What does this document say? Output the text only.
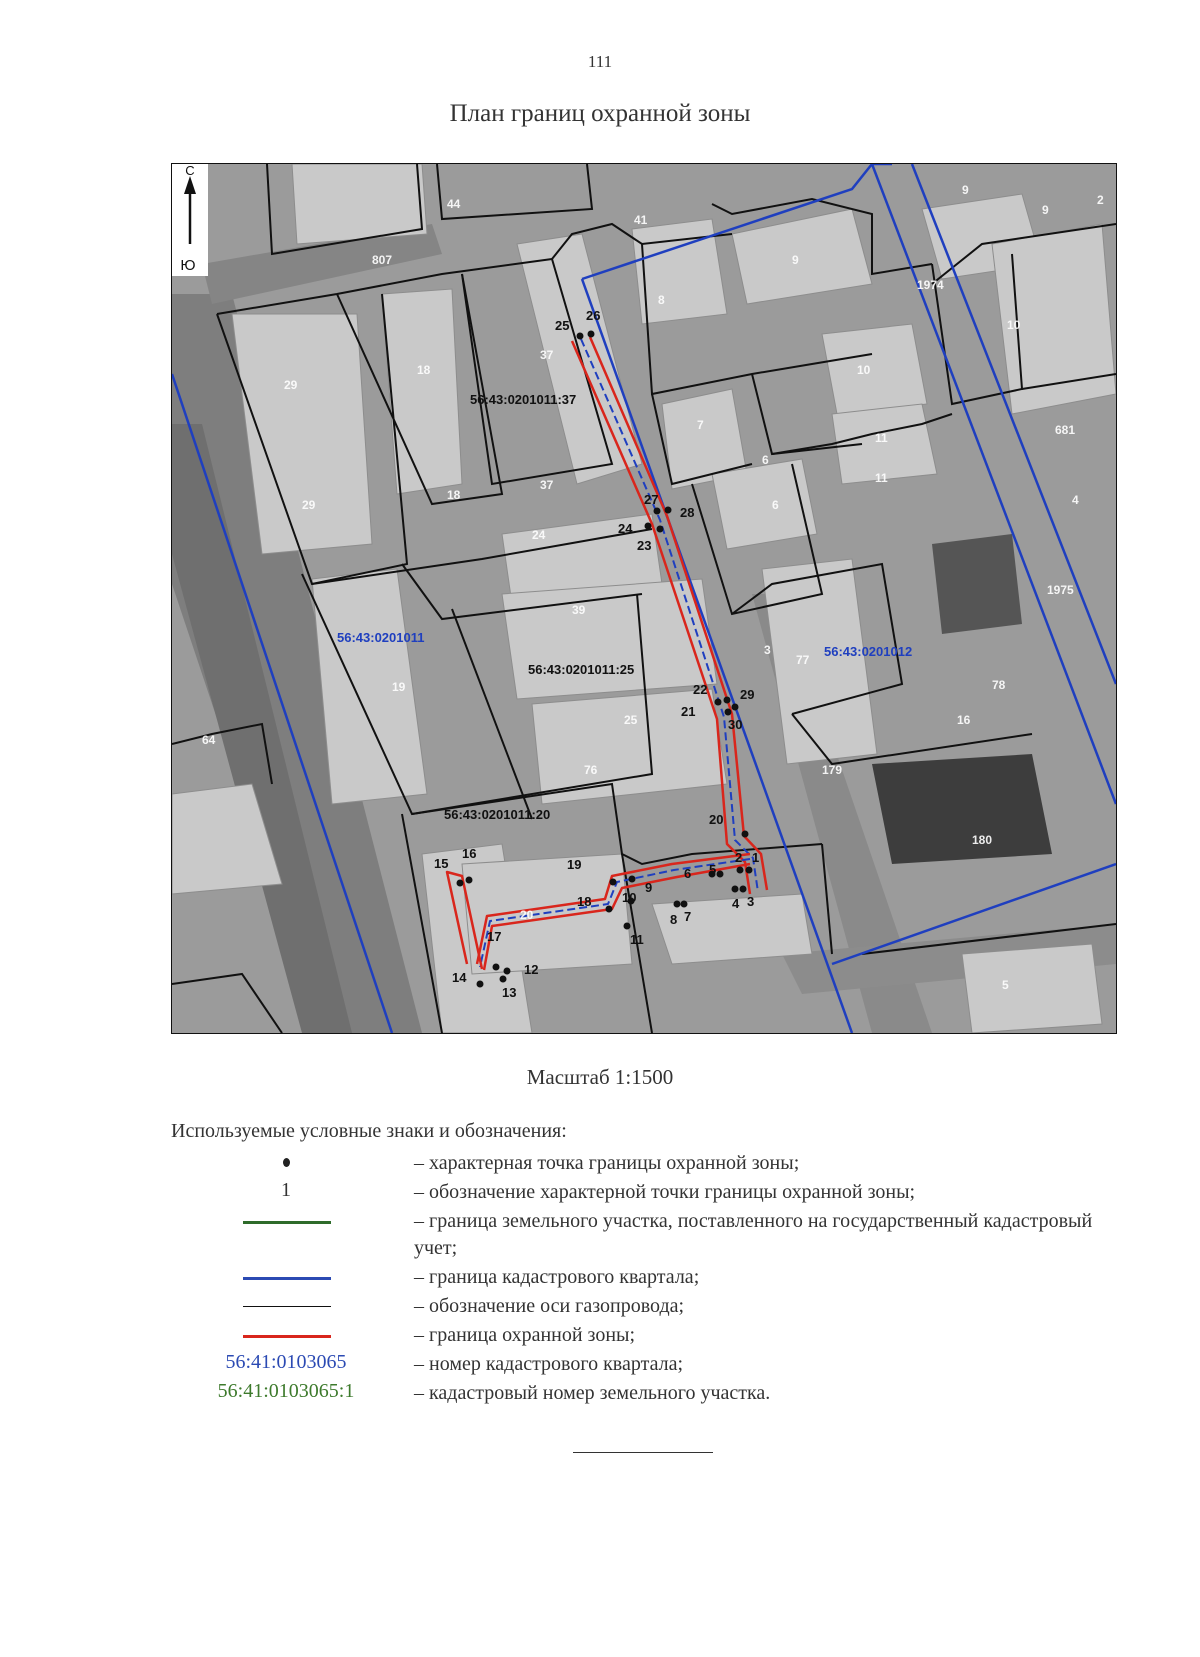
111
План границ охранной зоны
С
Ю
56:43:0201011
56:43:0201012
56:43:0201011:37
56:43:0201011:25
56:43:0201011:20
44
41
8
9
9
10
10
807
18
29
29
37
37
18
7
6
6
11
11
681
24
39
19
3
77
78
16
25
76	179
180
20
5
1974
1975
64
9
2
4
1
2
3
4
5
6
7
8
9
10
11
12
13
14
15
16
17
18
19
20
21
22
23
24
25
26
27
28
29
30
Масштаб 1:1500
Используемые условные знаки и обозначения:
– характерная точка границы охранной зоны;
1	– обозначение характерной точки границы охранной зоны;
– граница земельного участка, поставленного на государственный кадастровый учет;
– граница кадастрового квартала;
– обозначение оси газопровода;
– граница охранной зоны;
56:41:0103065	– номер кадастрового квартала;
56:41:0103065:1	– кадастровый номер земельного участка.
